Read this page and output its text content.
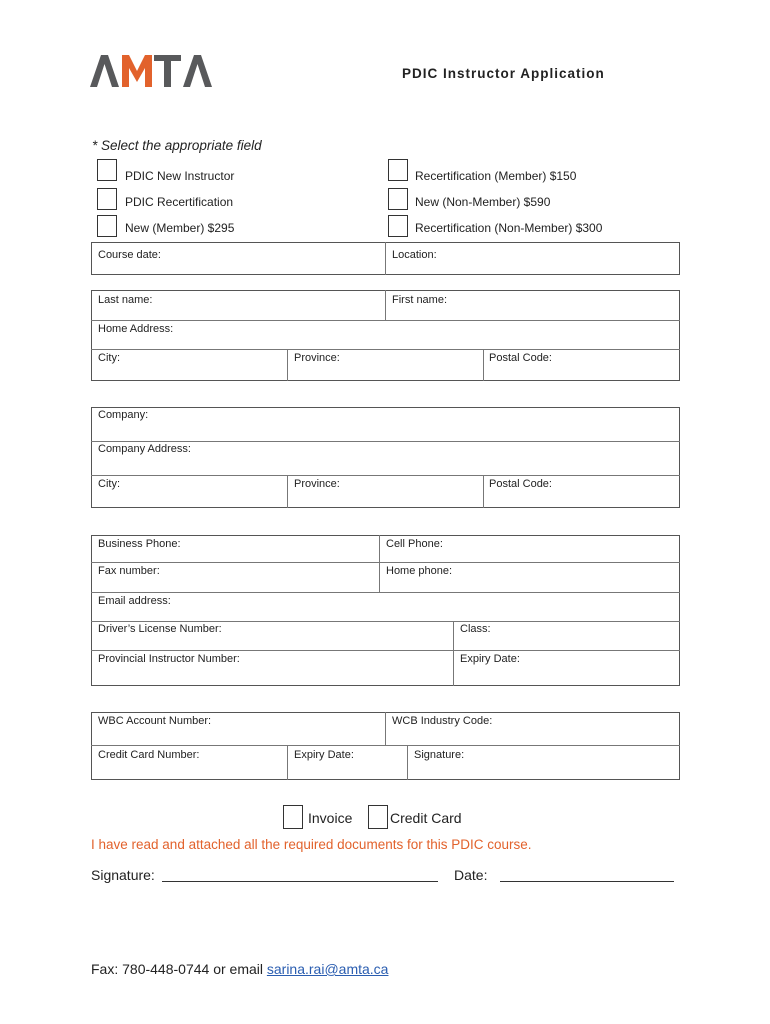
PDIC Instructor Application
* Select the appropriate field
PDIC New Instructor
PDIC Recertification
New (Member) $295
Recertification (Member) $150
New (Non-Member) $590
Recertification (Non-Member) $300
Course date:	Location:
Last name:	First name:
Home Address:
City:	Province:	Postal Code:
Company:
Company Address:
City:	Province:	Postal Code:
Business Phone:	Cell Phone:
Fax number:	Home phone:
Email address:
Driver’s License Number:	Class:
Provincial Instructor Number:	Expiry Date:
WBC Account Number:	WCB Industry Code:
Credit Card Number:	Expiry Date:	Signature:
Invoice	Credit Card
I have read and attached all the required documents for this PDIC course.
Signature:	Date:
Fax: 780-448-0744 or email sarina.rai@amta.ca
